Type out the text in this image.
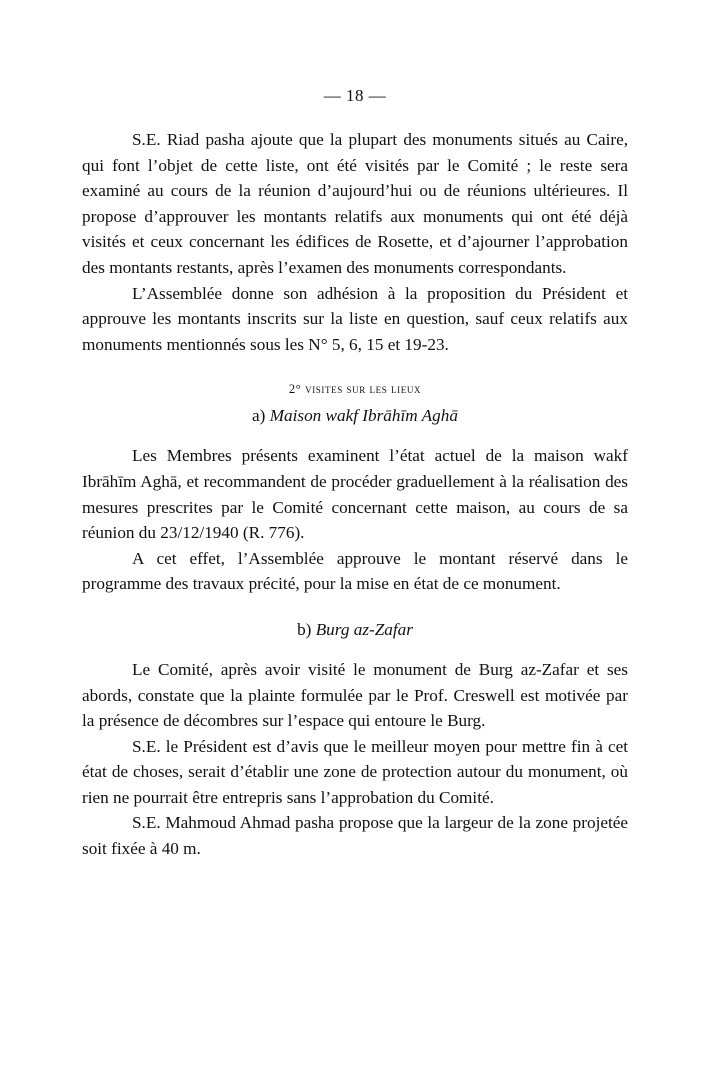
— 18 —

S.E. Riad pasha ajoute que la plupart des monuments situés au Caire, qui font l’objet de cette liste, ont été visités par le Comité ; le reste sera examiné au cours de la réunion d’aujourd’hui ou de réunions ultérieures. Il propose d’approuver les montants relatifs aux monuments qui ont été déjà visités et ceux concernant les édifices de Rosette, et d’ajourner l’approbation des montants restants, après l’examen des monuments correspondants.

L’Assemblée donne son adhésion à la proposition du Président et approuve les montants inscrits sur la liste en question, sauf ceux relatifs aux monuments mentionnés sous les N° 5, 6, 15 et 19-23.

2° visites sur les lieux
a) Maison wakf Ibrāhīm Aghā

Les Membres présents examinent l’état actuel de la maison wakf Ibrāhīm Aghā, et recommandent de procéder graduellement à la réalisation des mesures prescrites par le Comité concernant cette maison, au cours de sa réunion du 23/12/1940 (R. 776).

A cet effet, l’Assemblée approuve le montant réservé dans le programme des travaux précité, pour la mise en état de ce monument.

b) Burg az-Zafar

Le Comité, après avoir visité le monument de Burg az-Zafar et ses abords, constate que la plainte formulée par le Prof. Creswell est motivée par la présence de décombres sur l’espace qui entoure le Burg.

S.E. le Président est d’avis que le meilleur moyen pour mettre fin à cet état de choses, serait d’établir une zone de protection autour du monument, où rien ne pourrait être entrepris sans l’approbation du Comité.

S.E. Mahmoud Ahmad pasha propose que la largeur de la zone projetée soit fixée à 40 m.
